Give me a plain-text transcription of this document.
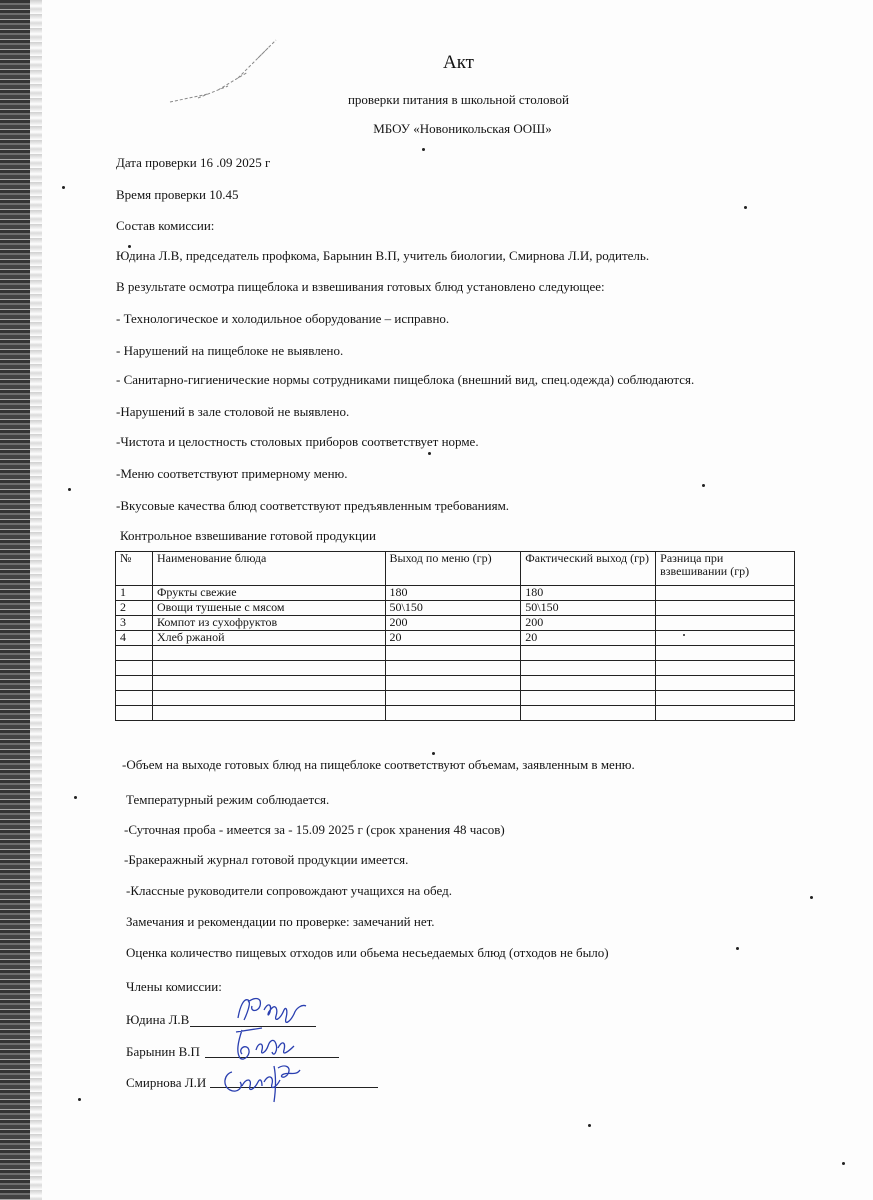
Акт
проверки питания в школьной столовой
МБОУ «Новоникольская ООШ»
Дата проверки 16 .09 2025 г
Время проверки 10.45
Состав комиссии:
Юдина Л.В, председатель профкома, Барынин В.П, учитель биологии, Смирнова Л.И, родитель.
В результате осмотра пищеблока и взвешивания готовых блюд установлено следующее:
- Технологическое и холодильное оборудование – исправно.
- Нарушений на пищеблоке не выявлено.
- Санитарно-гигиенические нормы сотрудниками пищеблока (внешний вид, спец.одежда) соблюдаются.
-Нарушений в зале столовой не выявлено.
-Чистота и целостность столовых приборов соответствует норме.
-Меню соответствуют примерному меню.
-Вкусовые качества блюд соответствуют предъявленным требованиям.
Контрольное взвешивание готовой продукции
№	Наименование блюда	Выход по меню (гр)	Фактический выход (гр)	Разница при взвешивании (гр)
1	Фрукты свежие	180	180	
2	Овощи тушеные с мясом	50\150	50\150	
3	Компот из сухофруктов	200	200	
4	Хлеб ржаной	20	20	

-Объем на выходе готовых блюд на пищеблоке соответствуют объемам, заявленным в меню.
Температурный режим соблюдается.
-Суточная проба - имеется за - 15.09 2025 г (срок хранения 48 часов)
-Бракеражный журнал готовой продукции имеется.
-Классные руководители сопровождают учащихся на обед.
Замечания и рекомендации по проверке: замечаний нет.
Оценка количество пищевых отходов или обьема несьедаемых блюд (отходов не было)
Члены комиссии:
Юдина Л.В
Барынин В.П
Смирнова Л.И
